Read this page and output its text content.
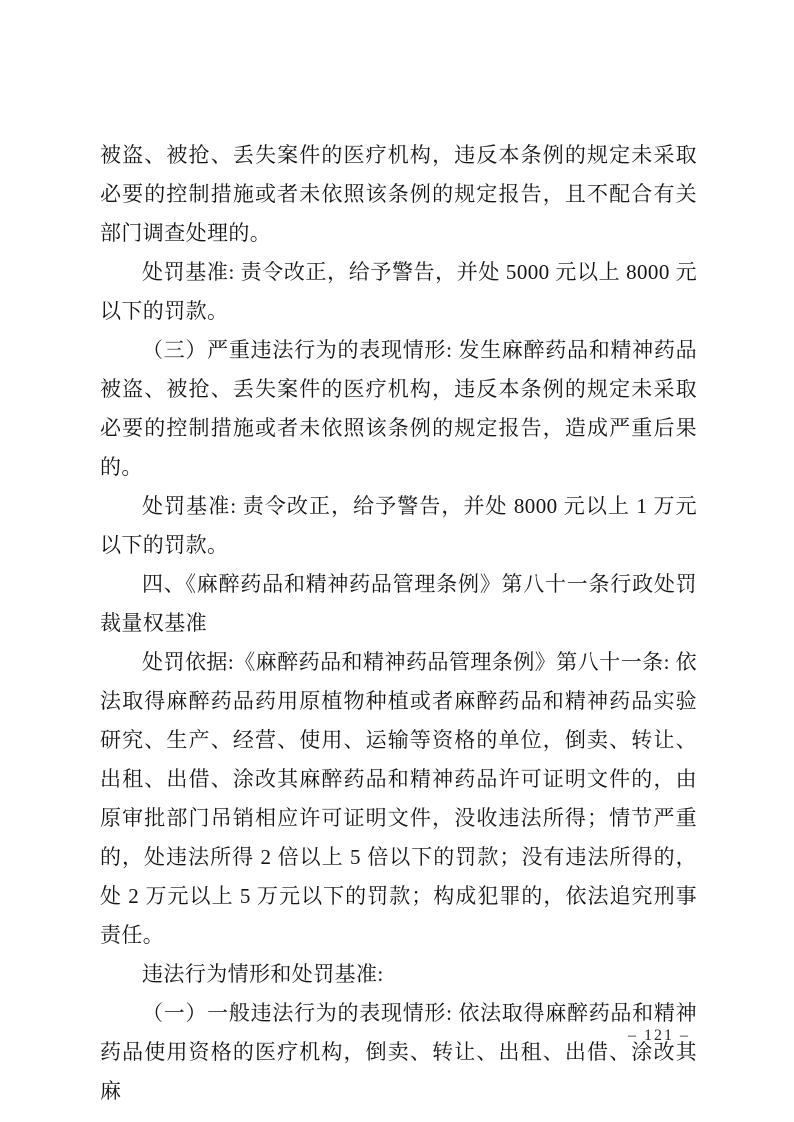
被盗、被抢、丢失案件的医疗机构，违反本条例的规定未采取必要的控制措施或者未依照该条例的规定报告，且不配合有关部门调查处理的。

处罚基准: 责令改正，给予警告，并处 5000 元以上 8000 元以下的罚款。

（三）严重违法行为的表现情形: 发生麻醉药品和精神药品被盗、被抢、丢失案件的医疗机构，违反本条例的规定未采取必要的控制措施或者未依照该条例的规定报告，造成严重后果的。

处罚基准: 责令改正，给予警告，并处 8000 元以上 1 万元以下的罚款。

四、《麻醉药品和精神药品管理条例》第八十一条行政处罚裁量权基准

处罚依据:《麻醉药品和精神药品管理条例》第八十一条: 依法取得麻醉药品药用原植物种植或者麻醉药品和精神药品实验研究、生产、经营、使用、运输等资格的单位，倒卖、转让、出租、出借、涂改其麻醉药品和精神药品许可证明文件的，由原审批部门吊销相应许可证明文件，没收违法所得；情节严重的，处违法所得 2 倍以上 5 倍以下的罚款；没有违法所得的，处 2 万元以上 5 万元以下的罚款；构成犯罪的，依法追究刑事责任。

违法行为情形和处罚基准:

（一）一般违法行为的表现情形: 依法取得麻醉药品和精神药品使用资格的医疗机构，倒卖、转让、出租、出借、涂改其麻

– 121 –
